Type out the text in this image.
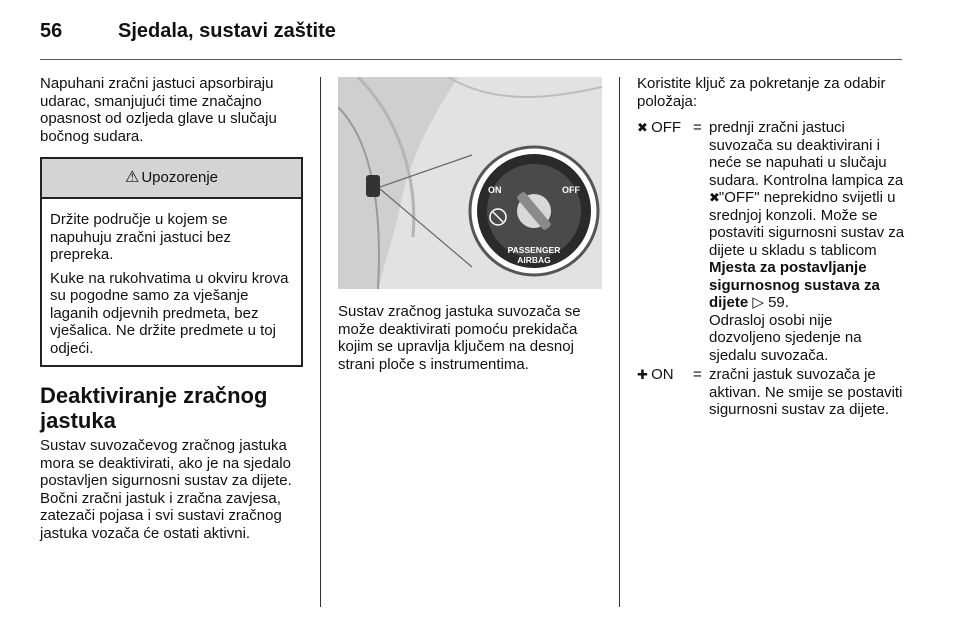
56	Sjedala, sustavi zaštite

Napuhani zračni jastuci apsorbiraju udarac, smanjujući time značajno opasnost od ozljeda glave u slučaju bočnog sudara.

⚠ Upozorenje

Držite područje u kojem se napuhuju zračni jastuci bez prepreka.

Kuke na rukohvatima u okviru krova su pogodne samo za vješanje laganih odjevnih predmeta, bez vješalica. Ne držite predmete u toj odjeći.

Deaktiviranje zračnog jastuka

Sustav suvozačevog zračnog jastuka mora se deaktivirati, ako je na sjedalo postavljen sigurnosni sustav za dijete. Bočni zračni jastuk i zračna zavjesa, zatezači pojasa i svi sustavi zračnog jastuka vozača će ostati aktivni.

ON	OFF
PASSENGER
AIRBAG

Sustav zračnog jastuka suvozača se može deaktivirati pomoću prekidača kojim se upravlja ključem na desnoj strani ploče s instrumentima.

Koristite ključ za pokretanje za odabir položaja:

✖ OFF = prednji zračni jastuci suvozača su deaktivirani i neće se napuhati u slučaju sudara. Kontrolna lampica za ✖"OFF" neprekidno svijetli u srednjoj konzoli. Može se postaviti sigurnosni sustav za dijete u skladu s tablicom Mjesta za postavljanje sigurnosnog sustava za dijete ▷ 59.
Odrasloj osobi nije dozvoljeno sjedenje na sjedalu suvozača.
✚ ON	= zračni jastuk suvozača je aktivan. Ne smije se postaviti sigurnosni sustav za dijete.
